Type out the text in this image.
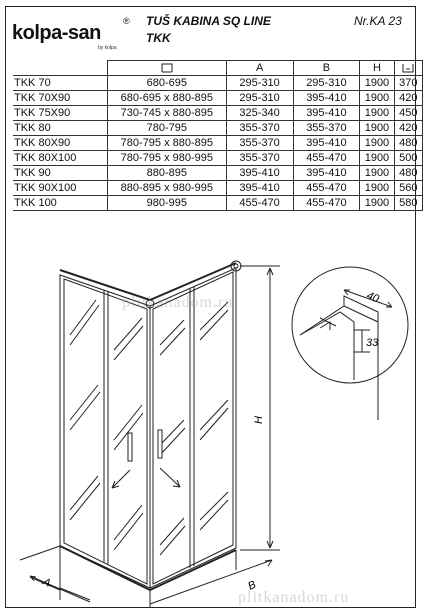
kolpa-san
®
by kolpa
TUŠ KABINA SQ LINE
TKK
Nr.KA 23
		A	B	H	
TKK 70	680-695	295-310	295-310	1900	370
TKK 70X90	680-695 x 880-895	295-310	395-410	1900	420
TKK 75X90	730-745 x 880-895	325-340	395-410	1900	450
TKK 80	780-795	355-370	355-370	1900	420
TKK 80X90	780-795 x 880-895	355-370	395-410	1900	480
TKK 80X100	780-795 x 980-995	355-370	455-470	1900	500
TKK 90	880-895	395-410	395-410	1900	480
TKK 90X100	880-895 x 980-995	395-410	455-470	1900	560
TKK 100	980-995	455-470	455-470	1900	580
A	B
H
40
33
plitkanadom.ru
plitkanadom.ru
